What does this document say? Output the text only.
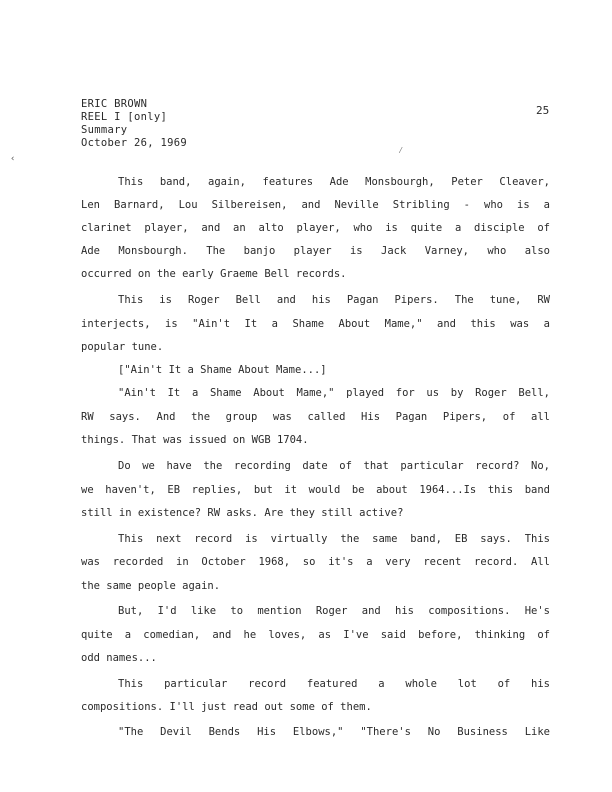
ERIC BROWN
REEL I [only]
Summary
October 26, 1969
25
‹
⁄
This band, again, features Ade Monsbourgh, Peter Cleaver,
Len Barnard, Lou Silbereisen, and Neville Stribling - who is a
clarinet player, and an alto player, who is quite a disciple of
Ade Monsbourgh. The banjo player is Jack Varney, who also
occurred on the early Graeme Bell records.
This is Roger Bell and his Pagan Pipers. The tune, RW
interjects, is "Ain't It a Shame About Mame," and this was a
popular tune.
["Ain't It a Shame About Mame...]
"Ain't It a Shame About Mame," played for us by Roger Bell,
RW says. And the group was called His Pagan Pipers, of all
things. That was issued on WGB 1704.
Do we have the recording date of that particular record? No,
we haven't, EB replies, but it would be about 1964...Is this band
still in existence? RW asks. Are they still active?
This next record is virtually the same band, EB says. This
was recorded in October 1968, so it's a very recent record. All
the same people again.
But, I'd like to mention Roger and his compositions. He's
quite a comedian, and he loves, as I've said before, thinking of
odd names...
This particular record featured a whole lot of his
compositions. I'll just read out some of them.
"The Devil Bends His Elbows," "There's No Business Like
